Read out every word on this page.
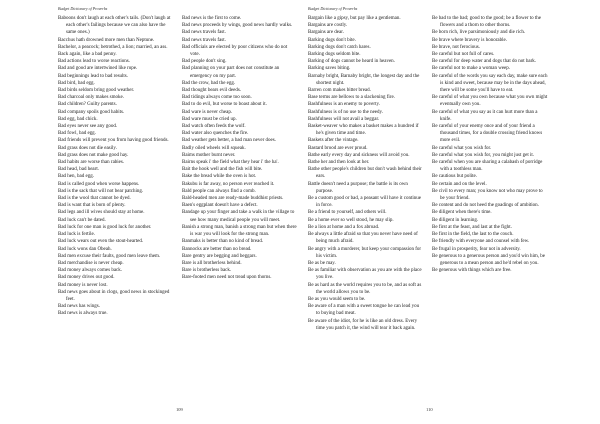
Budget Dictionary of Proverbs
Baboons don't laugh at each other's tails. (Don't laugh at each other's failings because we can also have the same ones.)
Bacchus hath drowned more men than Neptune.
Bachelor, a peacock; betrothed, a lion; married, an ass.
Back again, like a bad penny.
Bad actions lead to worse reactions.
Bad and good are intertwined like rope.
Bad beginnings lead to bad results.
Bad bird, bad egg.
Bad birds seldom bring good weather.
Bad charcoal only makes smoke.
Bad children? Guilty parents.
Bad company spoils good habits.
Bad egg, bad chick.
Bad eyes never see any good.
Bad fowl, bad egg.
Bad friends will prevent you from having good friends.
Bad grass does not die easily.
Bad grass does not make good hay.
Bad habits are worse than rabies.
Bad head, bad heart.
Bad hen, bad egg.
Bad is called good when worse happens.
Bad is the sack that will not bear patching.
Bad is the wool that cannot be dyed.
Bad is want that is born of plenty.
Bad legs and ill wives should stay at home.
Bad luck can't be dated.
Bad luck for one man is good luck for another.
Bad luck is fertile.
Bad luck wears out even the stout-hearted.
Bad luck wons dan Obeah.
Bad men excuse their faults, good men leave them.
Bad merchandise is never cheap.
Bad money always comes back.
Bad money drives out good.
Bad money is never lost.
Bad news goes about in clogs, good news in stockinged feet.
Bad news has wings.
Bad news is always true.
Bad news is the first to come.
Bad news proceeds by wings, good news hardly walks.
Bad news travels fast.
Bad news travels fast.
Bad officials are elected by poor citizens who do not vote.
Bad people don't sing.
Bad planning on your part does not constitute an emergency on my part.
Bad the crow, bad the egg.
Bad thought bears evil deeds.
Bad tidings always come too soon.
Bad to do evil, but worse to boast about it.
Bad ware is never cheap.
Bad ware must be cried up.
Bad watch often feeds the wolf.
Bad water also quenches the fire.
Bad weather gets better, a bad man never does.
Badly oiled wheels will squeak.
Baims mother burnt never.
Bairns speak i' the field what they hear i' the ha'.
Bait the hook well and the fish will bite.
Bake the bread while the oven is hot.
Bakubu is far away, no person ever reached it.
Bald people can always find a comb.
Bald-headed men are ready-made buddhist priests.
Baen's eggplant doesn't have a defect.
Bandage up your finger and take a walk in the village to see how many medical people you will meet.
Banish a strong man, banish a strong man but when there is war you will look for the strong man.
Banmaks is better than no kind of bread.
Bannocks are better than no bread.
Bare gentry are begging and beggars.
Bare is all brotherless behind.
Bare is brotherless back.
Bare-footed men need not tread upon thorns.
109
Budget Dictionary of Proverbs
Bargain like a gipsy, but pay like a gentleman.
Bargains are costly.
Bargains are dear.
Barking dogs don't bite.
Barking dogs don't catch hares.
Barking dogs seldom bite.
Barking of dogs cannot be heard in heaven.
Barking saves biting.
Barnaby bright, Barnaby bright, the longest day and the shortest night.
Barren com makes bitter bread.
Base terms are bellows to a slackening fire.
Bashfulness is an enemy to poverty.
Bashfulness is of no use to the needy.
Bashfulness will not avail a beggar.
Basket-weaver who makes a basket makes a hundred if he's given time and time.
Baskets after the vintage.
Bastard brood are ever proud.
Bathe early every day and sickness will avoid you.
Bathe her and then look at her.
Bathe other people's children but don't wash behind their ears.
Battle doesn't need a purpose; the battle is its own purpose.
Be a custom good or bad, a peasant will have it continue in force.
Be a friend to yourself, and others will.
Be a home ever so well stood, he may slip.
Be a lion at home and a fox abroad.
Be always a little afraid so that you never have need of being much afraid.
Be angry with a murderer, but keep your compassion for his victim.
Be as be may.
Be as familiar with observation as you are with the place you live.
Be as hard as the world requires you to be, and as soft as the world allows you to be.
Be as you would seem to be.
Be aware of a man with a sweet tongue he can lead you to buying bad meat.
Be aware of the idiot, for he is like an old dress. Every time you patch it, the wind will tear it back again.
Be bad to the bad; good to the good; be a flower to the flowers and a thorn to other thorns.
Be born rich, live parsimoniously and die rich.
Be brave where bravery is honorable.
Be brave, not ferocious.
Be careful but not full of cares.
Be careful for deep water and dogs that do not bark.
Be careful not to make a woman weep.
Be careful of the words you say each day, make sure each is kind and sweet, because may be in the days ahead, there will be some you'll have to eat.
Be careful of what you own because what you own might eventually own you.
Be careful of what you say as it can hurt more than a knife.
Be careful of your enemy once and of your friend a thousand times, for a double crossing friend knows more evil.
Be careful what you wish for.
Be careful what you wish for, you might just get it.
Be careful when you are sharing a calabash of porridge with a toothless man.
Be cautious but polite.
Be certain and on the level.
Be civil to every man; you know not who may prove to be your friend.
Be content and do not heed the goadings of ambition.
Be diligent when there's time.
Be diligent in learning.
Be first at the feast, and last at the fight.
Be first in the field, the last to the couch.
Be friendly with everyone and counsel with few.
Be frugal in prosperity, fear not in adversity.
Be generous to a generous person and you'd win him, be generous to a mean person and he'd rebel on you.
Be generous with things which are free.
110
